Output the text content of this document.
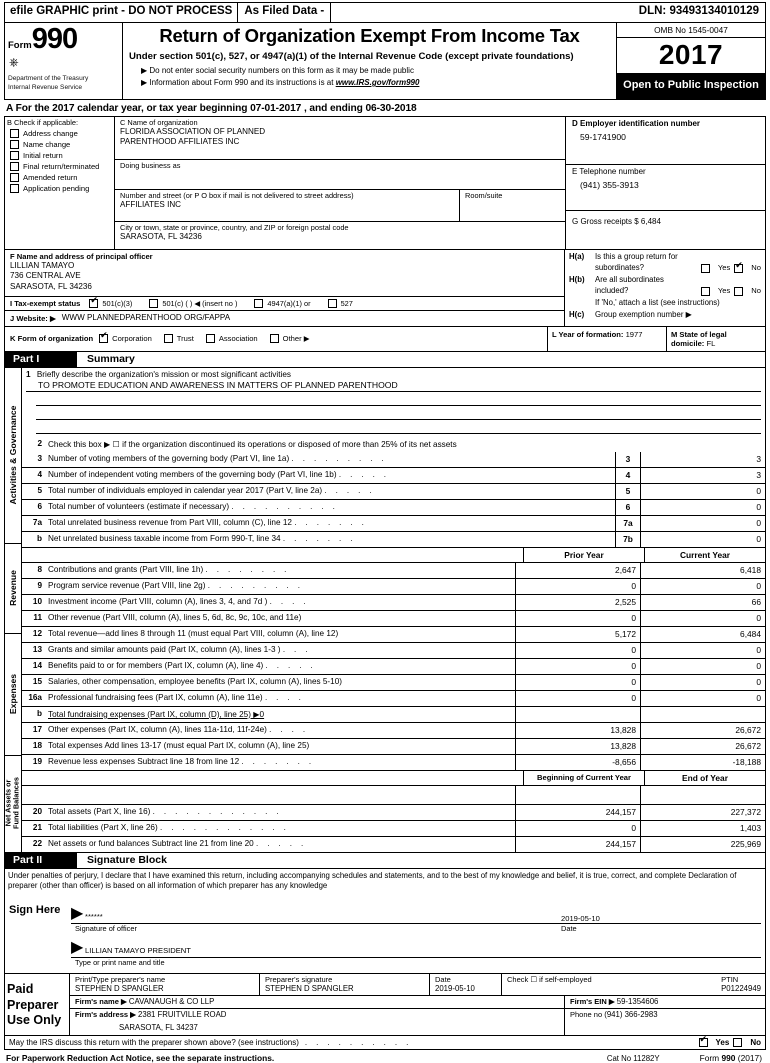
efile GRAPHIC print - DO NOT PROCESS	As Filed Data -	DLN: 93493134010129
Form 990
⎈
Department of the Treasury
Internal Revenue Service
Return of Organization Exempt From Income Tax
Under section 501(c), 527, or 4947(a)(1) of the Internal Revenue Code (except private foundations)
▶ Do not enter social security numbers on this form as it may be made public
▶ Information about Form 990 and its instructions is at www.IRS.gov/form990
OMB No 1545-0047
2017
Open to Public Inspection
A For the 2017 calendar year, or tax year beginning 07-01-2017 , and ending 06-30-2018
B Check if applicable:
Address change
Name change
Initial return
Final return/terminated
Amended return
Application pending
C Name of organization
FLORIDA ASSOCIATION OF PLANNED
PARENTHOOD AFFILIATES INC
Doing business as
Number and street (or P O box if mail is not delivered to street address)
AFFILIATES INC
Room/suite
City or town, state or province, country, and ZIP or foreign postal code
SARASOTA, FL 34236
D Employer identification number
59-1741900
E Telephone number
(941) 355-3913
G Gross receipts $ 6,484
F Name and address of principal officer
LILLIAN TAMAYO
736 CENTRAL AVE
SARASOTA, FL 34236
I Tax-exempt status ✔	501(c)(3)	501(c) ( ) ◀ (insert no )	4947(a)(1) or	527
J Website: ▶ WWW PLANNEDPARENTHOOD ORG/FAPPA
H(a)	Is this a group return for
subordinates?	Yes ✔	No
H(b)	Are all subordinates
included?	Yes	No
If 'No,' attach a list (see instructions)
H(c)	Group exemption number ▶
K Form of organization ✔	Corporation	Trust	Association	Other ▶	L Year of formation: 1977	M State of legal domicile: FL
Part I	Summary
Activities & Governance
Revenue
Expenses
Net Assets or Fund Balances
1 Briefly describe the organization's mission or most significant activities
TO PROMOTE EDUCATION AND AWARENESS IN MATTERS OF PLANNED PARENTHOOD
2 Check this box ▶ ☐ if the organization discontinued its operations or disposed of more than 25% of its net assets
3 Number of voting members of the governing body (Part VI, line 1a) . . . . . . . . .	3	3
4 Number of independent voting members of the governing body (Part VI, line 1b) . . . . .	4	3
5 Total number of individuals employed in calendar year 2017 (Part V, line 2a) . . . . .	5	0
6 Total number of volunteers (estimate if necessary) . . . . . . . . . .	6	0
7a Total unrelated business revenue from Part VIII, column (C), line 12 . . . . . . .	7a	0
b Net unrelated business taxable income from Form 990-T, line 34 . . . . . . .	7b	0
Prior Year	Current Year
8 Contributions and grants (Part VIII, line 1h) . . . . . . . .	2,647	6,418
9 Program service revenue (Part VIII, line 2g) . . . . . . . . .	0	0
10 Investment income (Part VIII, column (A), lines 3, 4, and 7d ) . . . .	2,525	66
11 Other revenue (Part VIII, column (A), lines 5, 6d, 8c, 9c, 10c, and 11e)	0	0
12 Total revenue—add lines 8 through 11 (must equal Part VIII, column (A), line 12)	5,172	6,484
13 Grants and similar amounts paid (Part IX, column (A), lines 1-3 ) . . .	0	0
14 Benefits paid to or for members (Part IX, column (A), line 4) . . . . .	0	0
15 Salaries, other compensation, employee benefits (Part IX, column (A), lines 5-10)	0	0
16a Professional fundraising fees (Part IX, column (A), line 11e) . . . .	0	0
b Total fundraising expenses (Part IX, column (D), line 25) ▶0
17 Other expenses (Part IX, column (A), lines 11a-11d, 11f-24e) . . . .	13,828	26,672
18 Total expenses Add lines 13-17 (must equal Part IX, column (A), line 25)	13,828	26,672
19 Revenue less expenses Subtract line 18 from line 12 . . . . . . .	-8,656	-18,188
Beginning of Current Year	End of Year
20 Total assets (Part X, line 16) . . . . . . . . . . . .	244,157	227,372
21 Total liabilities (Part X, line 26) . . . . . . . . . . . .	0	1,403
22 Net assets or fund balances Subtract line 21 from line 20 . . . . .	244,157	225,969
Part II	Signature Block
Under penalties of perjury, I declare that I have examined this return, including accompanying schedules and statements, and to the best of my knowledge and belief, it is true, correct, and complete Declaration of preparer (other than officer) is based on all information of which preparer has any knowledge
Sign Here ▶ ******	2019-05-10
Signature of officer	Date
▶ LILLIAN TAMAYO PRESIDENT
Type or print name and title
Paid Preparer Use Only
Print/Type preparer's name
STEPHEN D SPANGLER
Preparer's signature
STEPHEN D SPANGLER
Date
2019-05-10
Check ☐ if self-employed	PTIN
P01224949
Firm's name ▶ CAVANAUGH & CO LLP	Firm's EIN ▶ 59-1354606
Firm's address ▶ 2381 FRUITVILLE ROAD
SARASOTA, FL 34237
Phone no (941) 366-2983
May the IRS discuss this return with the preparer shown above? (see instructions) . . . . . . . . . . ✔	Yes	No
For Paperwork Reduction Act Notice, see the separate instructions.	Cat No 11282Y	Form 990 (2017)
